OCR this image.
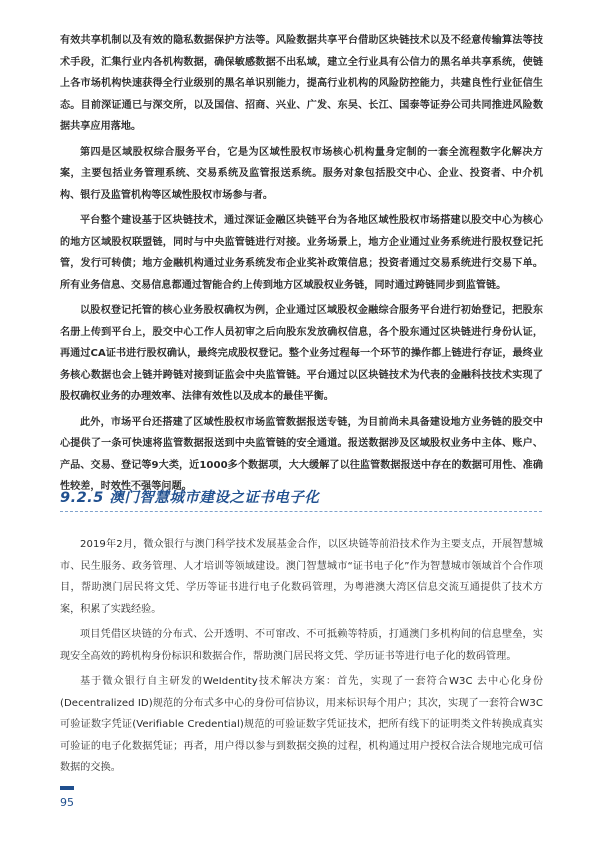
有效共享机制以及有效的隐私数据保护方法等。风险数据共享平台借助区块链技术以及不经意传输算法等技术手段，汇集行业内各机构数据，确保敏感数据不出私域，建立全行业具有公信力的黑名单共享系统，使链上各市场机构快速获得全行业级别的黑名单识别能力，提高行业机构的风险防控能力，共建良性行业征信生态。目前深证通已与深交所，以及国信、招商、兴业、广发、东吴、长江、国泰等证券公司共同推进风险数据共享应用落地。

第四是区域股权综合服务平台，它是为区域性股权市场核心机构量身定制的一套全流程数字化解决方案，主要包括业务管理系统、交易系统及监管报送系统。服务对象包括股交中心、企业、投资者、中介机构、银行及监管机构等区域性股权市场参与者。

平台整个建设基于区块链技术，通过深证金融区块链平台为各地区域性股权市场搭建以股交中心为核心的地方区域股权联盟链，同时与中央监管链进行对接。业务场景上，地方企业通过业务系统进行股权登记托管，发行可转债；地方金融机构通过业务系统发布企业奖补政策信息；投资者通过交易系统进行交易下单。所有业务信息、交易信息都通过智能合约上传到地方区域股权业务链，同时通过跨链同步到监管链。

以股权登记托管的核心业务股权确权为例，企业通过区域股权金融综合服务平台进行初始登记，把股东名册上传到平台上，股交中心工作人员初审之后向股东发放确权信息，各个股东通过区块链进行身份认证，再通过CA证书进行股权确认，最终完成股权登记。整个业务过程每一个环节的操作都上链进行存证，最终业务核心数据也会上链并跨链对接到证监会中央监管链。平台通过以区块链技术为代表的金融科技技术实现了股权确权业务的办理效率、法律有效性以及成本的最佳平衡。

此外，市场平台还搭建了区域性股权市场监管数据报送专链，为目前尚未具备建设地方业务链的股交中心提供了一条可快速将监管数据报送到中央监管链的安全通道。报送数据涉及区域股权业务中主体、账户、产品、交易、登记等9大类，近1000多个数据项，大大缓解了以往监管数据报送中存在的数据可用性、准确性较差，时效性不强等问题。

9.2.5 澳门智慧城市建设之证书电子化

2019年2月，微众银行与澳门科学技术发展基金合作，以区块链等前沿技术作为主要支点，开展智慧城市、民生服务、政务管理、人才培训等领域建设。澳门智慧城市“证书电子化”作为智慧城市领域首个合作项目，帮助澳门居民将文凭、学历等证书进行电子化数码管理，为粤港澳大湾区信息交流互通提供了技术方案，积累了实践经验。

项目凭借区块链的分布式、公开透明、不可窜改、不可抵赖等特质，打通澳门多机构间的信息壁垒，实现安全高效的跨机构身份标识和数据合作，帮助澳门居民将文凭、学历证书等进行电子化的数码管理。

基于微众银行自主研发的WeIdentity技术解决方案：首先，实现了一套符合W3C 去中心化身份(Decentralized ID)规范的分布式多中心的身份可信协议，用来标识每个用户；其次，实现了一套符合W3C 可验证数字凭证(Verifiable Credential)规范的可验证数字凭证技术，把所有线下的证明类文件转换成真实可验证的电子化数据凭证；再者，用户得以参与到数据交换的过程，机构通过用户授权合法合规地完成可信数据的交换。

95
